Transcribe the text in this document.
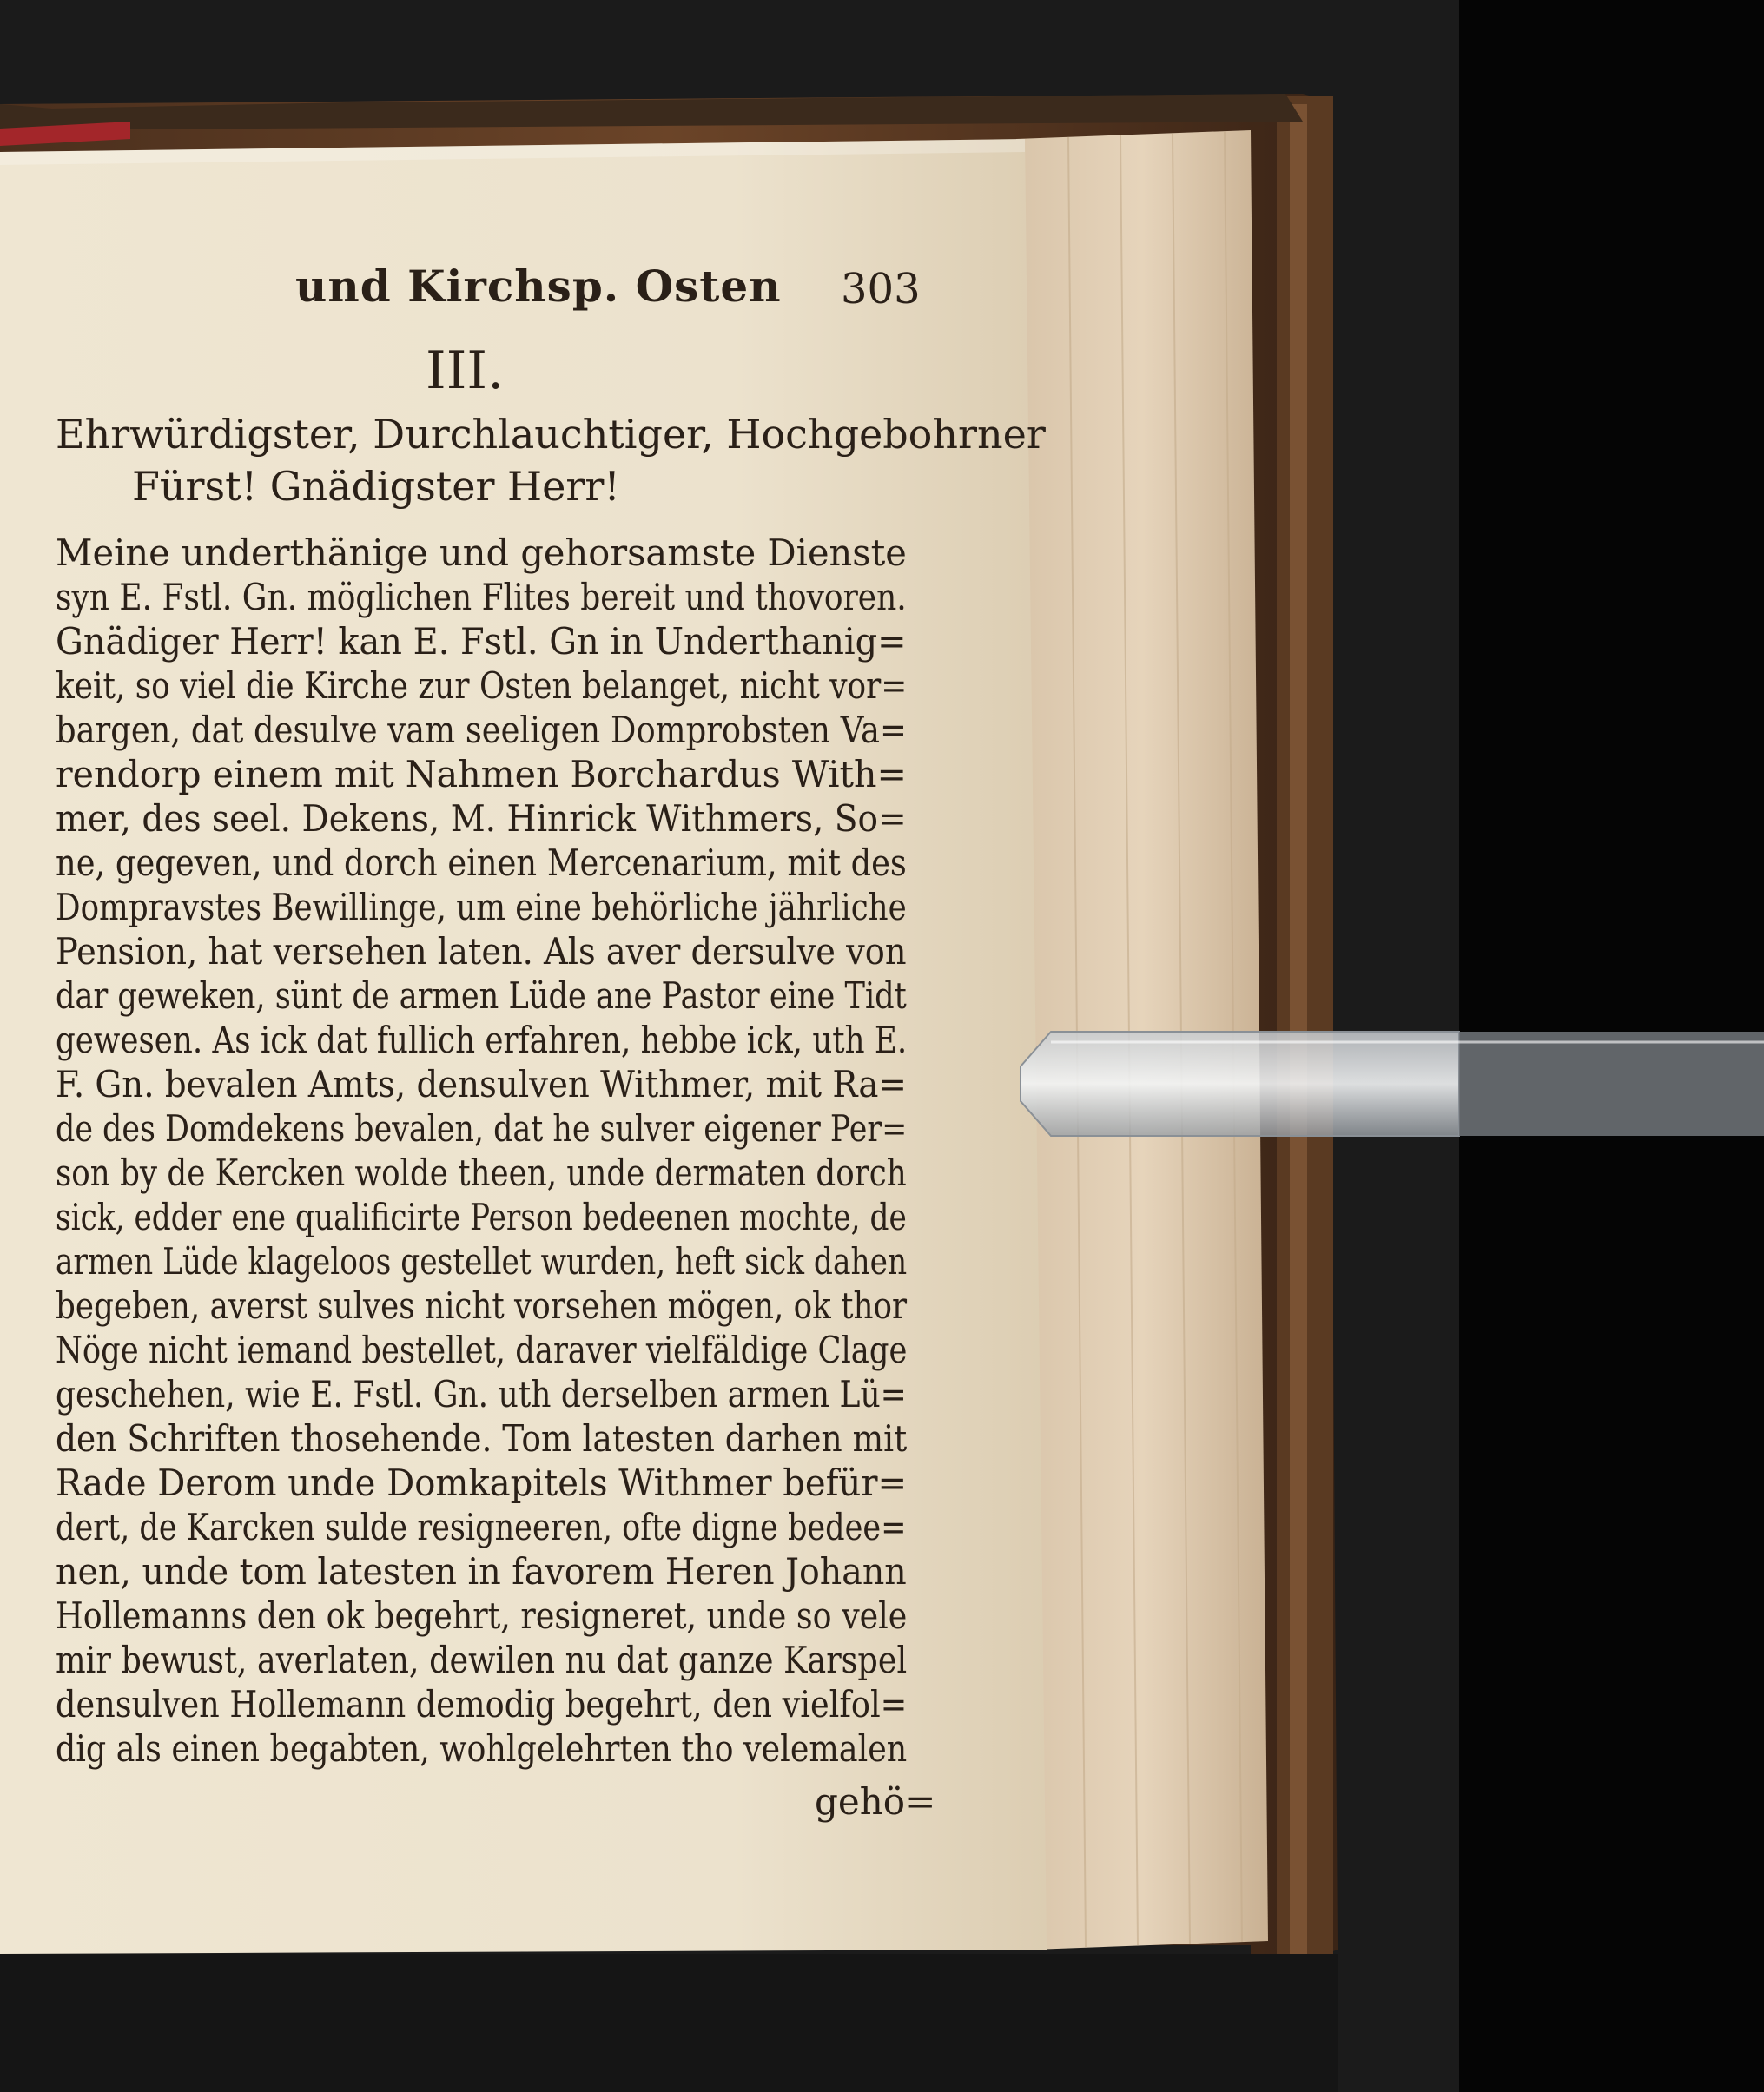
und Kirchsp. Osten 303
III.
Ehrwürdigster, Durchlauchtiger, Hochgebohrner
Fürst! Gnädigster Herr!
Meine underthänige und gehorsamste Dienste
syn E. Fstl. Gn. möglichen Flites bereit und thovoren.
Gnädiger Herr! kan E. Fstl. Gn in Underthanig=
keit, so viel die Kirche zur Osten belanget, nicht vor=
bargen, dat desulve vam seeligen Domprobsten Va=
rendorp einem mit Nahmen Borchardus With=
mer, des seel. Dekens, M. Hinrick Withmers, So=
ne, gegeven, und dorch einen Mercenarium, mit des
Dompravstes Bewillinge, um eine behörliche jährliche
Pension, hat versehen laten. Als aver dersulve von
dar geweken, sünt de armen Lüde ane Pastor eine Tidt
gewesen. As ick dat fullich erfahren, hebbe ick, uth E.
F. Gn. bevalen Amts, densulven Withmer, mit Ra=
de des Domdekens bevalen, dat he sulver eigener Per=
son by de Kercken wolde theen, unde dermaten dorch
sick, edder ene qualificirte Person bedeenen mochte, de
armen Lüde klageloos gestellet wurden, heft sick dahen
begeben, averst sulves nicht vorsehen mögen, ok thor
Nöge nicht iemand bestellet, darаver vielfäldige Clage
geschehen, wie E. Fstl. Gn. uth derselben armen Lü=
den Schriften thosehende. Tom latesten darhen mit
Rade Derom unde Domkapitels Withmer befür=
dert, de Karcken sulde resigneeren, ofte digne bedee=
nen, unde tom latesten in favorem Heren Johann
Hollemanns den ok begehrt, resigneret, unde so vele
mir bewust, averlaten, dewilen nu dat ganze Karspel
densulven Hollemann demodig begehrt, den vielfol=
dig als einen begabten, wohlgelehrten tho velemalen
gehö=
